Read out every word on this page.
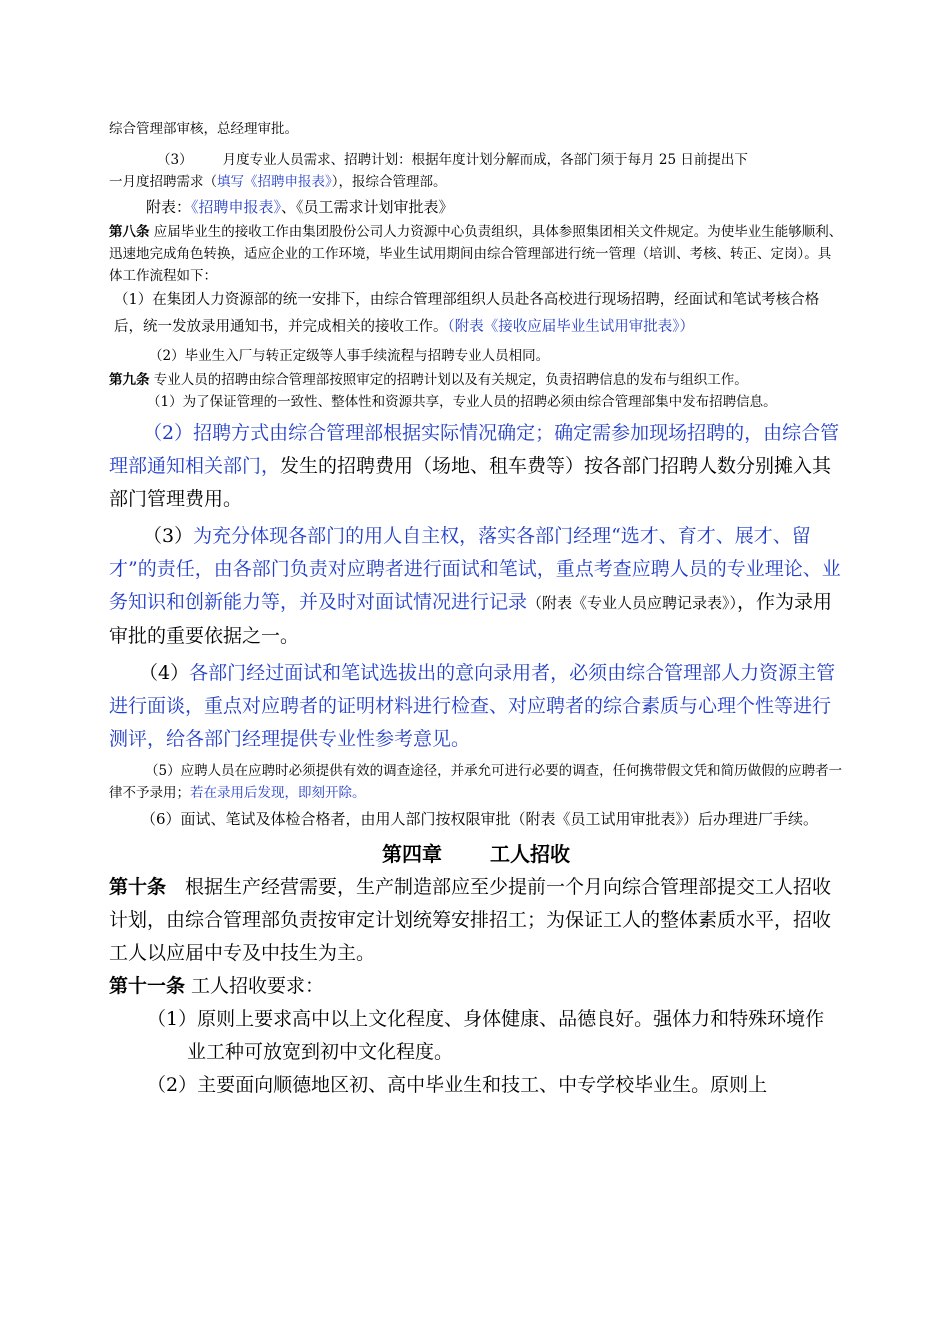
综合管理部审核，总经理审批。

（3） 月度专业人员需求、招聘计划：根据年度计划分解而成，各部门须于每月 25 日前提出下

一月度招聘需求（填写《招聘申报表》），报综合管理部。

附表：《招聘申报表》、《员工需求计划审批表》

第八条 应届毕业生的接收工作由集团股份公司人力资源中心负责组织，具体参照集团相关文件规定。为使毕业生能够顺利、迅速地完成角色转换，适应企业的工作环境，毕业生试用期间由综合管理部进行统一管理（培训、考核、转正、定岗）。具体工作流程如下：

（1）在集团人力资源部的统一安排下，由综合管理部组织人员赴各高校进行现场招聘，经面试和笔试考核合格后，统一发放录用通知书，并完成相关的接收工作。（附表《接收应届毕业生试用审批表》）

（2）毕业生入厂与转正定级等人事手续流程与招聘专业人员相同。

第九条 专业人员的招聘由综合管理部按照审定的招聘计划以及有关规定，负责招聘信息的发布与组织工作。

（1）为了保证管理的一致性、整体性和资源共享，专业人员的招聘必须由综合管理部集中发布招聘信息。

（2）招聘方式由综合管理部根据实际情况确定；确定需参加现场招聘的，由综合管理部通知相关部门，发生的招聘费用（场地、租车费等）按各部门招聘人数分别摊入其部门管理费用。

（3）为充分体现各部门的用人自主权，落实各部门经理“选才、育才、展才、留才”的责任，由各部门负责对应聘者进行面试和笔试，重点考查应聘人员的专业理论、业务知识和创新能力等，并及时对面试情况进行记录（附表《专业人员应聘记录表》），作为录用审批的重要依据之一。

（4）各部门经过面试和笔试选拔出的意向录用者，必须由综合管理部人力资源主管进行面谈，重点对应聘者的证明材料进行检查、对应聘者的综合素质与心理个性等进行测评，给各部门经理提供专业性参考意见。

（5）应聘人员在应聘时必须提供有效的调查途径，并承允可进行必要的调查，任何携带假文凭和简历做假的应聘者一律不予录用；若在录用后发现，即刻开除。

（6）面试、笔试及体检合格者，由用人部门按权限审批（附表《员工试用审批表》）后办理进厂手续。

第四章 工人招收

第十条　根据生产经营需要，生产制造部应至少提前一个月向综合管理部提交工人招收计划，由综合管理部负责按审定计划统筹安排招工；为保证工人的整体素质水平，招收工人以应届中专及中技生为主。

第十一条 工人招收要求：

（1）原则上要求高中以上文化程度、身体健康、品德良好。强体力和特殊环境作业工种可放宽到初中文化程度。

（2）主要面向顺德地区初、高中毕业生和技工、中专学校毕业生。原则上
